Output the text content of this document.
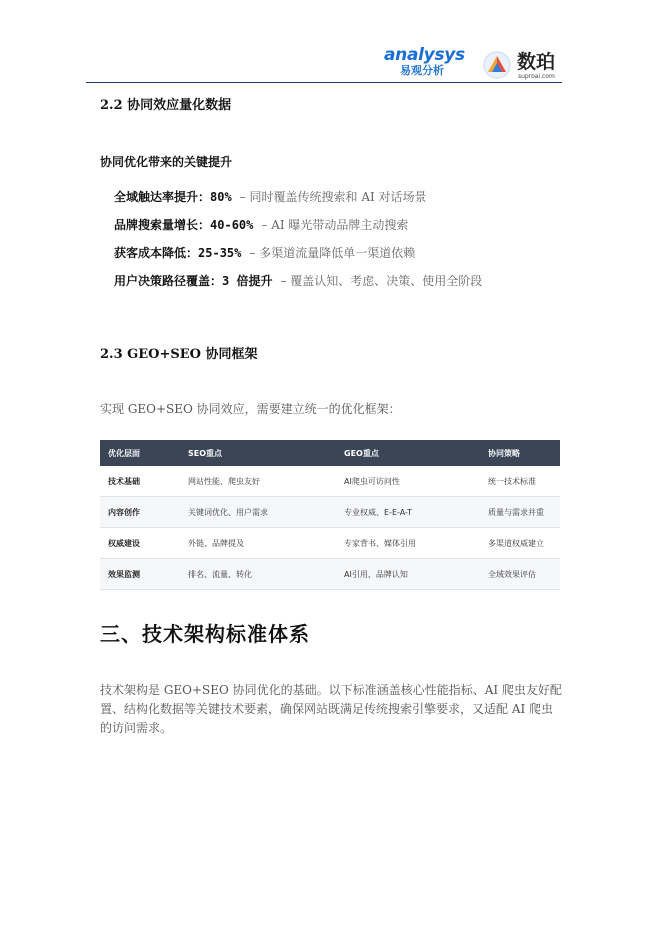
analysys
易观分析	数珀
suproai.com
2.2 协同效应量化数据
协同优化带来的关键提升
全域触达率提升：80% – 同时覆盖传统搜索和 AI 对话场景
品牌搜索量增长：40-60% – AI 曝光带动品牌主动搜索
获客成本降低：25-35% – 多渠道流量降低单一渠道依赖
用户决策路径覆盖：3 倍提升 – 覆盖认知、考虑、决策、使用全阶段
2.3 GEO+SEO 协同框架
实现 GEO+SEO 协同效应，需要建立统一的优化框架：
优化层面	SEO重点	GEO重点	协同策略
技术基础	网站性能、爬虫友好	AI爬虫可访问性	统一技术标准
内容创作	关键词优化、用户需求	专业权威、E-E-A-T	质量与需求并重
权威建设	外链、品牌提及	专家背书、媒体引用	多渠道权威建立
效果监测	排名、流量、转化	AI引用、品牌认知	全域效果评估
三、技术架构标准体系
技术架构是 GEO+SEO 协同优化的基础。以下标准涵盖核心性能指标、AI 爬虫友好配置、结构化数据等关键技术要素，确保网站既满足传统搜索引擎要求，又适配 AI 爬虫的访问需求。
